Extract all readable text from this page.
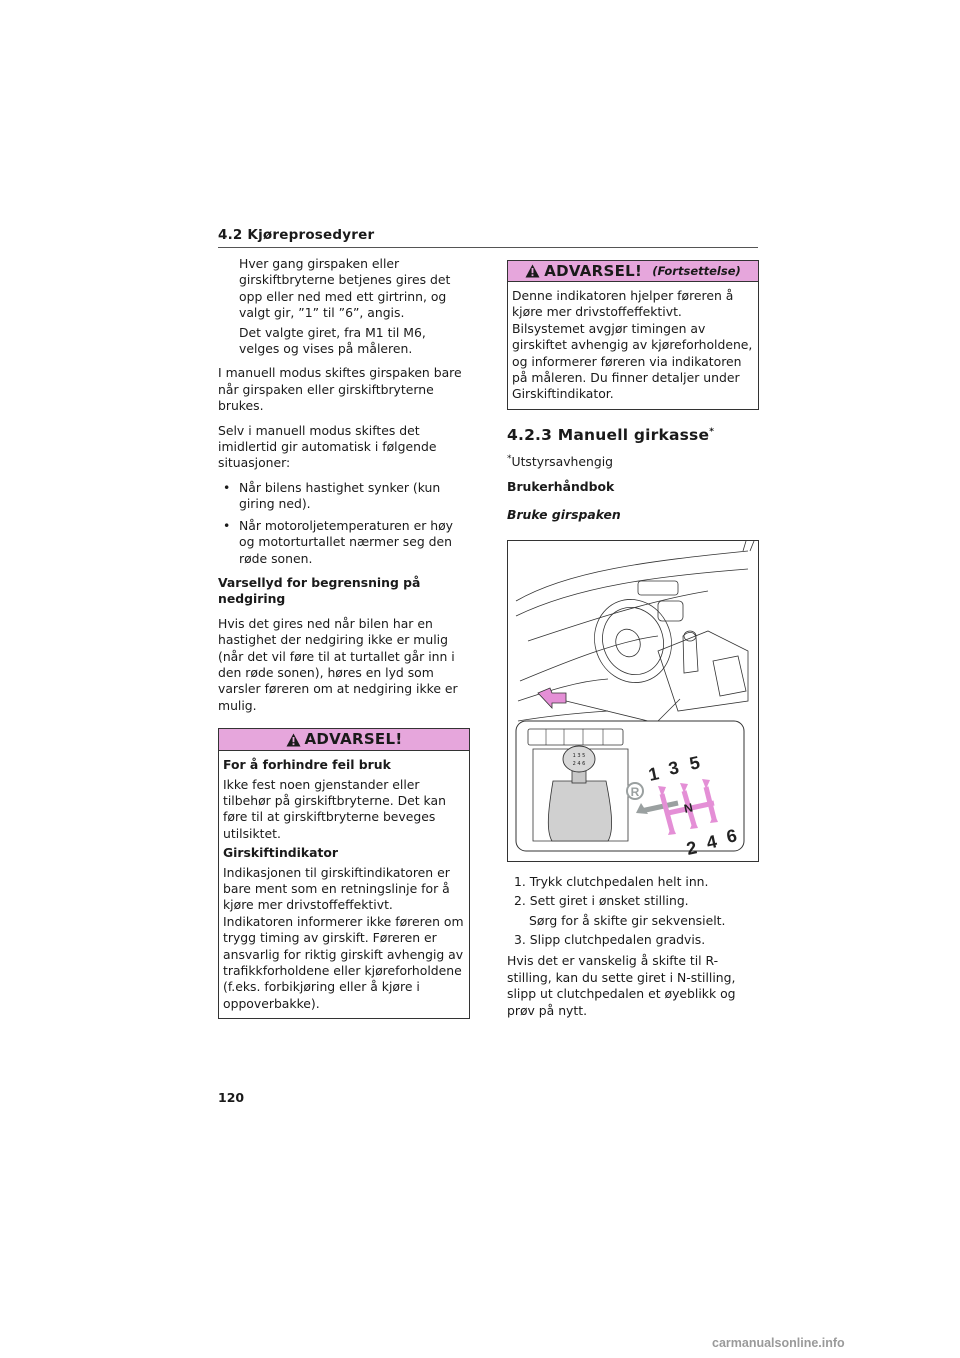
4.2 Kjøreprosedyrer

Hver gang girspaken eller girskiftbryterne betjenes gires det opp eller ned med ett girtrinn, og valgt gir, ”1” til ”6”, angis.

Det valgte giret, fra M1 til M6, velges og vises på måleren.

I manuell modus skiftes girspaken bare når girspaken eller girskiftbryterne brukes.

Selv i manuell modus skiftes det imidlertid gir automatisk i følgende situasjoner:

• Når bilens hastighet synker (kun giring ned).
• Når motoroljetemperaturen er høy og motorturtallet nærmer seg den røde sonen.

Varsellyd for begrensning på nedgiring

Hvis det gires ned når bilen har en hastighet der nedgiring ikke er mulig (når det vil føre til at turtallet går inn i den røde sonen), høres en lyd som varsler føreren om at nedgiring ikke er mulig.

ADVARSEL!

For å forhindre feil bruk

Ikke fest noen gjenstander eller tilbehør på girskiftbryterne. Det kan føre til at girskiftbryterne beveges utilsiktet.

Girskiftindikator

Indikasjonen til girskiftindikatoren er bare ment som en retningslinje for å kjøre mer drivstoffeffektivt.

Indikatoren informerer ikke føreren om trygg timing av girskift. Føreren er ansvarlig for riktig girskift avhengig av trafikkforholdene eller kjøreforholdene (f.eks. forbikjøring eller å kjøre i oppoverbakke).

ADVARSEL! (Fortsettelse)

Denne indikatoren hjelper føreren å kjøre mer drivstoffeffektivt. Bilsystemet avgjør timingen av girskiftet avhengig av kjøreforholdene, og informerer føreren via indikatoren på måleren. Du finner detaljer under Girskiftindikator.

4.2.3 Manuell girkasse*

*Utstyrsavhengig

Brukerhåndbok

Bruke girspaken

1 3 5
2 4 6
R
1 3 5
N
2 4 6
1. Trykk clutchpedalen helt inn.
2. Sett giret i ønsket stilling.
Sørg for å skifte gir sekvensielt.
3. Slipp clutchpedalen gradvis.

Hvis det er vanskelig å skifte til R-stilling, kan du sette giret i N-stilling, slipp ut clutchpedalen et øyeblikk og prøv på nytt.

120
carmanualsonline.info
